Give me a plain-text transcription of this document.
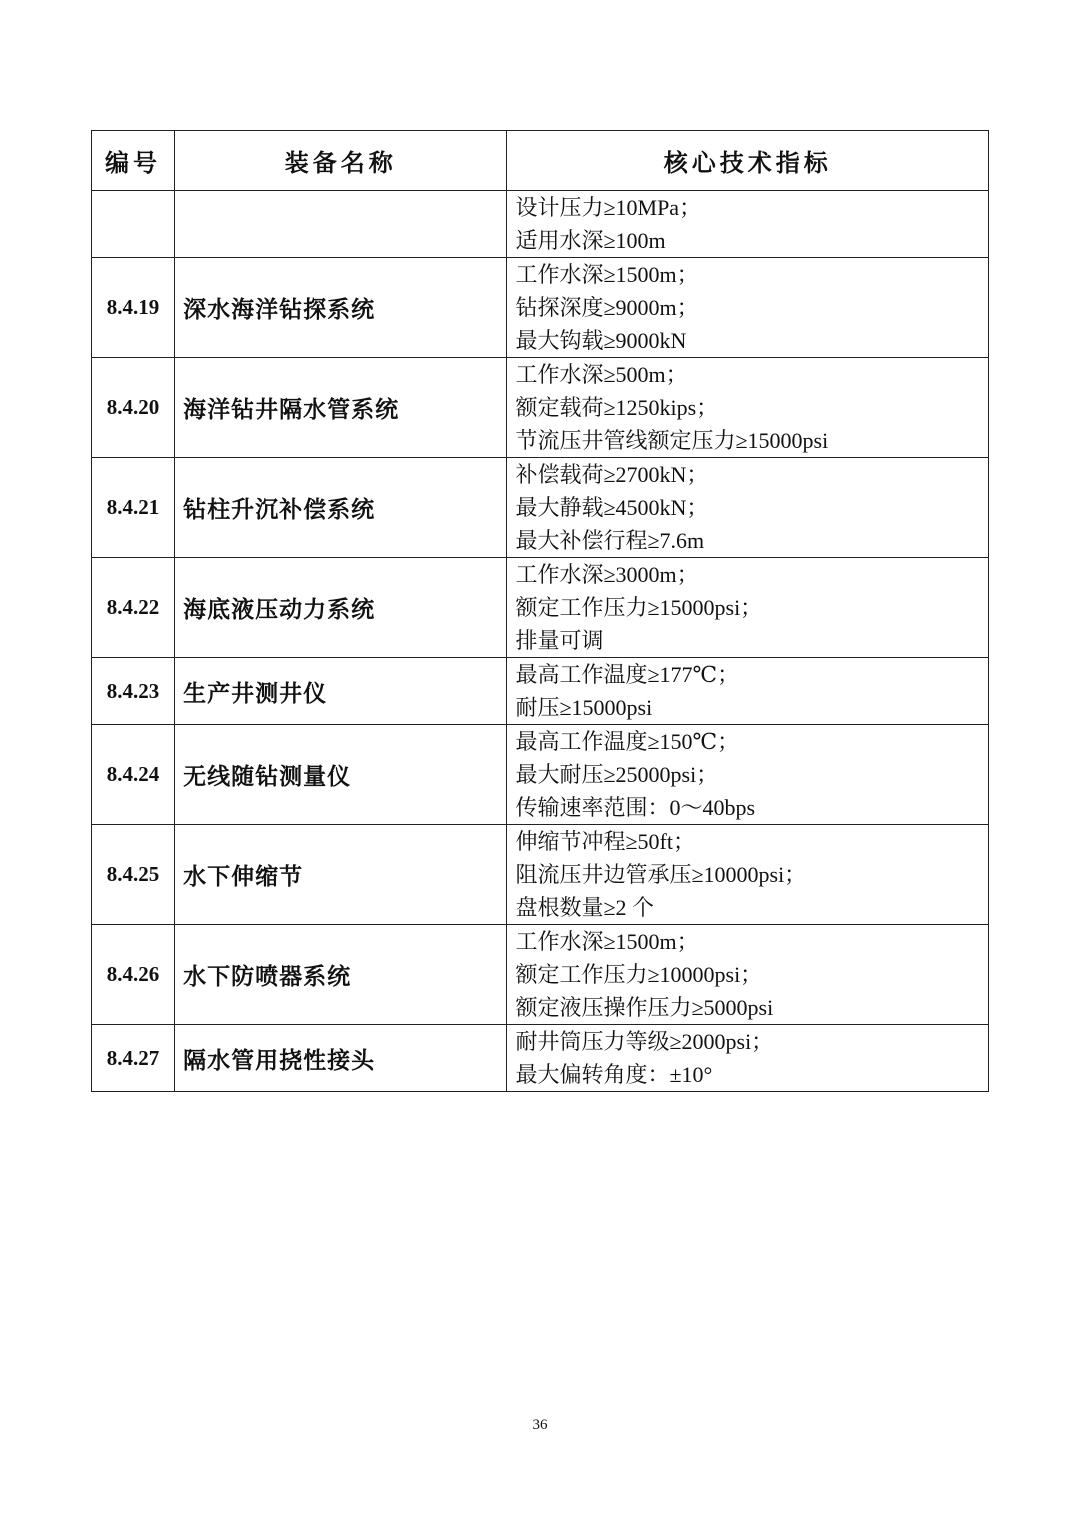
编号	装备名称	核心技术指标

		设计压力≥10MPa；
适用水深≥100m

8.4.19	深水海洋钻探系统	工作水深≥1500m；
钻探深度≥9000m；
最大钩载≥9000kN

8.4.20	海洋钻井隔水管系统	工作水深≥500m；
额定载荷≥1250kips；
节流压井管线额定压力≥15000psi

8.4.21	钻柱升沉补偿系统	补偿载荷≥2700kN；
最大静载≥4500kN；
最大补偿行程≥7.6m

8.4.22	海底液压动力系统	工作水深≥3000m；
额定工作压力≥15000psi；
排量可调

8.4.23	生产井测井仪	最高工作温度≥177℃；
耐压≥15000psi

8.4.24	无线随钻测量仪	最高工作温度≥150℃；
最大耐压≥25000psi；
传输速率范围：0～40bps

8.4.25	水下伸缩节	伸缩节冲程≥50ft；
阻流压井边管承压≥10000psi；
盘根数量≥2 个

8.4.26	水下防喷器系统	工作水深≥1500m；
额定工作压力≥10000psi；
额定液压操作压力≥5000psi

8.4.27	隔水管用挠性接头	耐井筒压力等级≥2000psi；
最大偏转角度：±10°
36
